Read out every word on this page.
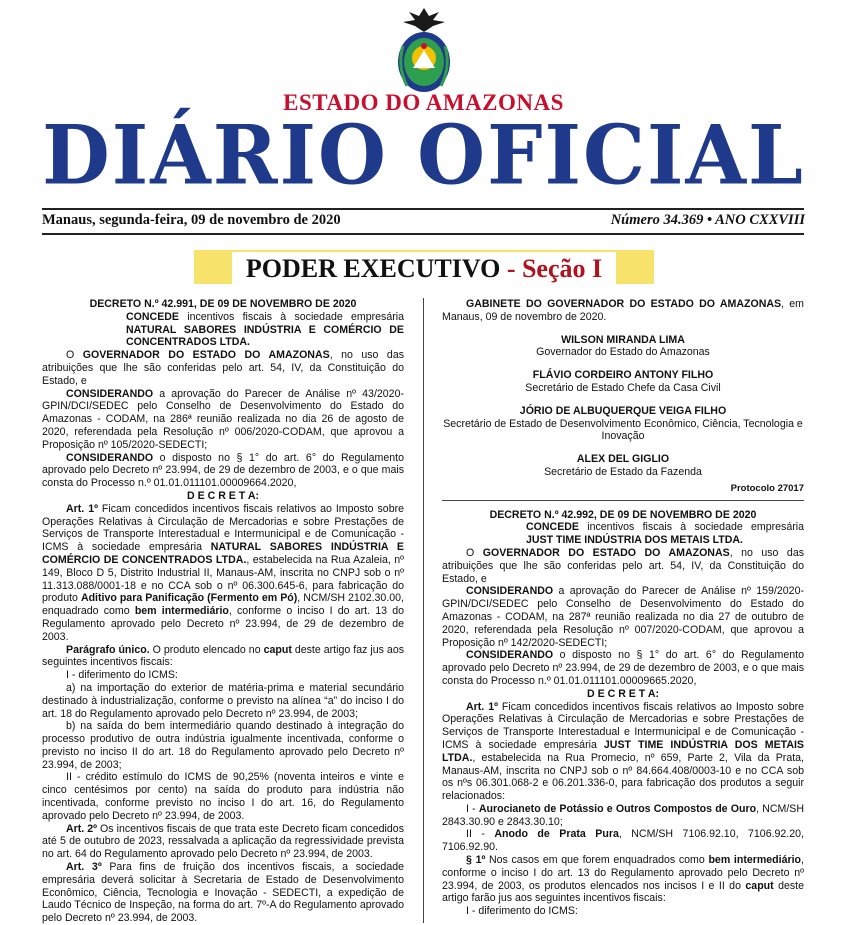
ESTADO DO AMAZONAS
DIÁRIO OFICIAL
Manaus, segunda-feira, 09 de novembro de 2020	Número 34.369 • ANO CXXVIII
PODER EXECUTIVO - Seção I

DECRETO N.º 42.991, DE 09 DE NOVEMBRO DE 2020

CONCEDE incentivos fiscais à sociedade empresária NATURAL SABORES INDÚSTRIA E COMÉRCIO DE CONCENTRADOS LTDA.

O GOVERNADOR DO ESTADO DO AMAZONAS, no uso das atribuições que lhe são conferidas pelo art. 54, IV, da Constituição do Estado, e

CONSIDERANDO a aprovação do Parecer de Análise nº 43/2020-GPIN/DCI/SEDEC pelo Conselho de Desenvolvimento do Estado do Amazonas - CODAM, na 286ª reunião realizada no dia 26 de agosto de 2020, referendada pela Resolução nº 006/2020-CODAM, que aprovou a Proposição nº 105/2020-SEDECTI;

CONSIDERANDO o disposto no § 1° do art. 6° do Regulamento aprovado pelo Decreto nº 23.994, de 29 de dezembro de 2003, e o que mais consta do Processo n.º 01.01.011101.00009664.2020,

D E C R E T A:

Art. 1º Ficam concedidos incentivos fiscais relativos ao Imposto sobre Operações Relativas à Circulação de Mercadorias e sobre Prestações de Serviços de Transporte Interestadual e Intermunicipal e de Comunicação - ICMS à sociedade empresária NATURAL SABORES INDÚSTRIA E COMÉRCIO DE CONCENTRADOS LTDA., estabelecida na Rua Azaleia, nº 149, Bloco D 5, Distrito Industrial II, Manaus-AM, inscrita no CNPJ sob o nº 11.313.088/0001-18 e no CCA sob o nº 06.300.645-6, para fabricação do produto Aditivo para Panificação (Fermento em Pó), NCM/SH 2102.30.00, enquadrado como bem intermediário, conforme o inciso I do art. 13 do Regulamento aprovado pelo Decreto nº 23.994, de 29 de dezembro de 2003.

Parágrafo único. O produto elencado no caput deste artigo faz jus aos seguintes incentivos fiscais:

I - diferimento do ICMS:

a) na importação do exterior de matéria-prima e material secundário destinado à industrialização, conforme o previsto na alínea “a” do inciso I do art. 18 do Regulamento aprovado pelo Decreto nº 23.994, de 2003;

b) na saída do bem intermediário quando destinado à integração do processo produtivo de outra indústria igualmente incentivada, conforme o previsto no inciso II do art. 18 do Regulamento aprovado pelo Decreto nº 23.994, de 2003;

II - crédito estímulo do ICMS de 90,25% (noventa inteiros e vinte e cinco centésimos por cento) na saída do produto para indústria não incentivada, conforme previsto no inciso I do art. 16, do Regulamento aprovado pelo Decreto nº 23.994, de 2003.

Art. 2º Os incentivos fiscais de que trata este Decreto ficam concedidos até 5 de outubro de 2023, ressalvada a aplicação da regressividade prevista no art. 64 do Regulamento aprovado pelo Decreto nº 23.994, de 2003.

Art. 3º Para fins de fruição dos incentivos fiscais, a sociedade empresária deverá solicitar à Secretaria de Estado de Desenvolvimento Econômico, Ciência, Tecnologia e Inovação - SEDECTI, a expedição de Laudo Técnico de Inspeção, na forma do art. 7º-A do Regulamento aprovado pelo Decreto nº 23.994, de 2003.

GABINETE DO GOVERNADOR DO ESTADO DO AMAZONAS, em Manaus, 09 de novembro de 2020.

WILSON MIRANDA LIMA

Governador do Estado do Amazonas

FLÁVIO CORDEIRO ANTONY FILHO

Secretário de Estado Chefe da Casa Civil

JÓRIO DE ALBUQUERQUE VEIGA FILHO

Secretário de Estado de Desenvolvimento Econômico, Ciência, Tecnologia e Inovação

ALEX DEL GIGLIO

Secretário de Estado da Fazenda

Protocolo 27017

DECRETO N.º 42.992, DE 09 DE NOVEMBRO DE 2020

CONCEDE incentivos fiscais à sociedade empresária JUST TIME INDÚSTRIA DOS METAIS LTDA.

O GOVERNADOR DO ESTADO DO AMAZONAS, no uso das atribuições que lhe são conferidas pelo art. 54, IV, da Constituição do Estado, e

CONSIDERANDO a aprovação do Parecer de Análise nº 159/2020-GPIN/DCI/SEDEC pelo Conselho de Desenvolvimento do Estado do Amazonas - CODAM, na 287ª reunião realizada no dia 27 de outubro de 2020, referendada pela Resolução nº 007/2020-CODAM, que aprovou a Proposição nº 142/2020-SEDECTI;

CONSIDERANDO o disposto no § 1° do art. 6° do Regulamento aprovado pelo Decreto nº 23.994, de 29 de dezembro de 2003, e o que mais consta do Processo n.º 01.01.011101.00009665.2020,

D E C R E T A:

Art. 1º Ficam concedidos incentivos fiscais relativos ao Imposto sobre Operações Relativas à Circulação de Mercadorias e sobre Prestações de Serviços de Transporte Interestadual e Intermunicipal e de Comunicação - ICMS à sociedade empresária JUST TIME INDÚSTRIA DOS METAIS LTDA., estabelecida na Rua Promecio, nº 659, Parte 2, Vila da Prata, Manaus-AM, inscrita no CNPJ sob o nº 84.664.408/0003-10 e no CCA sob os nºs 06.301.068-2 e 06.201.336-0, para fabricação dos produtos a seguir relacionados:

I - Aurocianeto de Potássio e Outros Compostos de Ouro, NCM/SH 2843.30.90 e 2843.30.10;

II - Anodo de Prata Pura, NCM/SH 7106.92.10, 7106.92.20, 7106.92.90.

§ 1º Nos casos em que forem enquadrados como bem intermediário, conforme o inciso I do art. 13 do Regulamento aprovado pelo Decreto nº 23.994, de 2003, os produtos elencados nos incisos I e II do caput deste artigo farão jus aos seguintes incentivos fiscais:

I - diferimento do ICMS:
